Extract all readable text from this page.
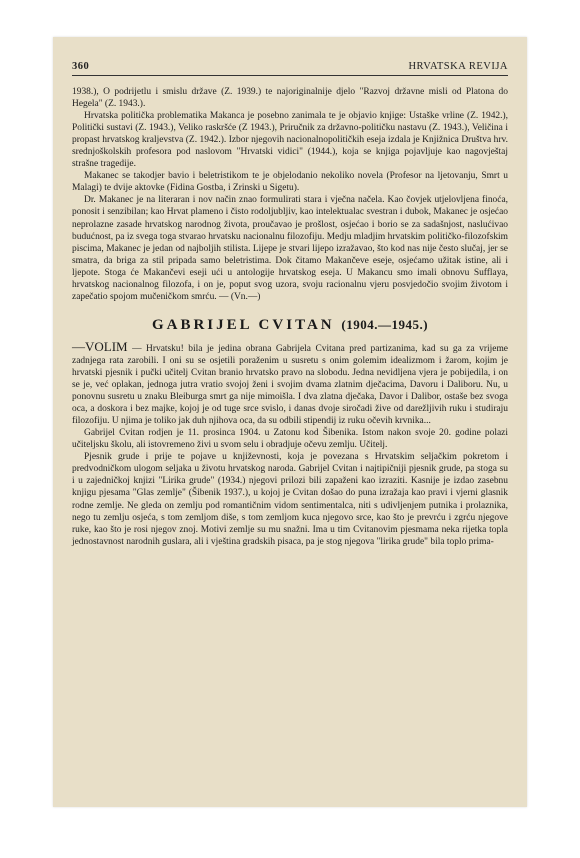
360	HRVATSKA REVIJA

1938.), O podrijetlu i smislu države (Z. 1939.) te najoriginalnije djelo "Razvoj državne misli od Platona do Hegela" (Z. 1943.).

Hrvatska politička problematika Makanca je posebno zanimala te je objavio knjige: Ustaške vrline (Z. 1942.), Politički sustavi (Z. 1943.), Veliko raskršće (Z 1943.), Priručnik za državno-političku nastavu (Z. 1943.), Veličina i propast hrvatskog kraljevstva (Z. 1942.). Izbor njegovih nacionalnopolitičkih eseja izdala je Knjižnica Društva hrv. srednjoškolskih profesora pod naslovom "Hrvatski vidici" (1944.), koja se knjiga pojavljuje kao nagovještaj strašne tragedije.

Makanec se takodjer bavio i beletristikom te je objelodanio nekoliko novela (Profesor na ljetovanju, Smrt u Malagi) te dvije aktovke (Fidina Gostba, i Zrinski u Sigetu).

Dr. Makanec je na literaran i nov način znao formulirati stara i vječna načela. Kao čovjek utjelovljena finoća, ponosit i senzibilan; kao Hrvat plameno i čisto rodoljubljiv, kao intelektualac svestran i dubok, Makanec je osjećao neprolazne zasade hrvatskog narodnog života, proučavao je prošlost, osjećao i borio se za sadašnjost, naslućivao budućnost, pa iz svega toga stvarao hrvatsku nacionalnu filozofiju. Medju mladjim hrvatskim političko-filozofskim piscima, Makanec je jedan od najboljih stilista. Lijepe je stvari lijepo izražavao, što kod nas nije često slučaj, jer se smatra, da briga za stil pripada samo beletristima. Dok čitamo Makančeve eseje, osjećamo užitak istine, ali i ljepote. Stoga će Makančevi eseji ući u antologije hrvatskog eseja. U Makancu smo imali obnovu Sufflaya, hrvatskog nacionalnog filozofa, i on je, poput svog uzora, svoju racionalnu vjeru posvjedočio svojim životom i zapečatio spojom mučeničkom smrću. — (Vn.—)

GABRIJEL CVITAN (1904.—1945.)

—VOLIM — Hrvatsku! bila je jedina obrana Gabrijela Cvitana pred partizanima, kad su ga za vrijeme zadnjega rata zarobili. I oni su se osjetili poraženim u susretu s onim golemim idealizmom i žarom, kojim je hrvatski pjesnik i pučki učitelj Cvitan branio hrvatsko pravo na slobodu. Jedna nevidljena vjera je pobijedila, i on se je, već oplakan, jednoga jutra vratio svojoj ženi i svojim dvama zlatnim dječacima, Davoru i Daliboru. Nu, u ponovnu susretu u znaku Bleiburga smrt ga nije mimoišla. I dva zlatna dječaka, Davor i Dalibor, ostaše bez svoga oca, a doskora i bez majke, kojoj je od tuge srce svislo, i danas dvoje siročadi žive od darežljivih ruku i studiraju filozofiju. U njima je toliko jak duh njihova oca, da su odbili stipendij iz ruku očevih krvnika...

Gabrijel Cvitan rodjen je 11. prosinca 1904. u Zatonu kod Šibenika. Istom nakon svoje 20. godine polazi učiteljsku školu, ali istovremeno živi u svom selu i obradjuje očevu zemlju. Učitelj.

Pjesnik grude i prije te pojave u književnosti, koja je povezana s Hrvatskim seljačkim pokretom i predvodničkom ulogom seljaka u životu hrvatskog naroda. Gabrijel Cvitan i najtipičniji pjesnik grude, pa stoga su i u zajedničkoj knjizi "Lirika grude" (1934.) njegovi prilozi bili zapaženi kao izraziti. Kasnije je izdao zasebnu knjigu pjesama "Glas zemlje" (Šibenik 1937.), u kojoj je Cvitan došao do puna izražaja kao pravi i vjerni glasnik rodne zemlje. Ne gleda on zemlju pod romantičnim vidom sentimentalca, niti s udivljenjem putnika i prolaznika, nego tu zemlju osjeća, s tom zemljom diše, s tom zemljom kuca njegovo srce, kao što je prevrću i zgrću njegove ruke, kao što je rosi njegov znoj. Motivi zemlje su mu snažni. Ima u tim Cvitanovim pjesmama neka rijetka topla jednostavnost narodnih guslara, ali i vještina gradskih pisaca, pa je stog njegova "lirika grude" bila toplo prima-
